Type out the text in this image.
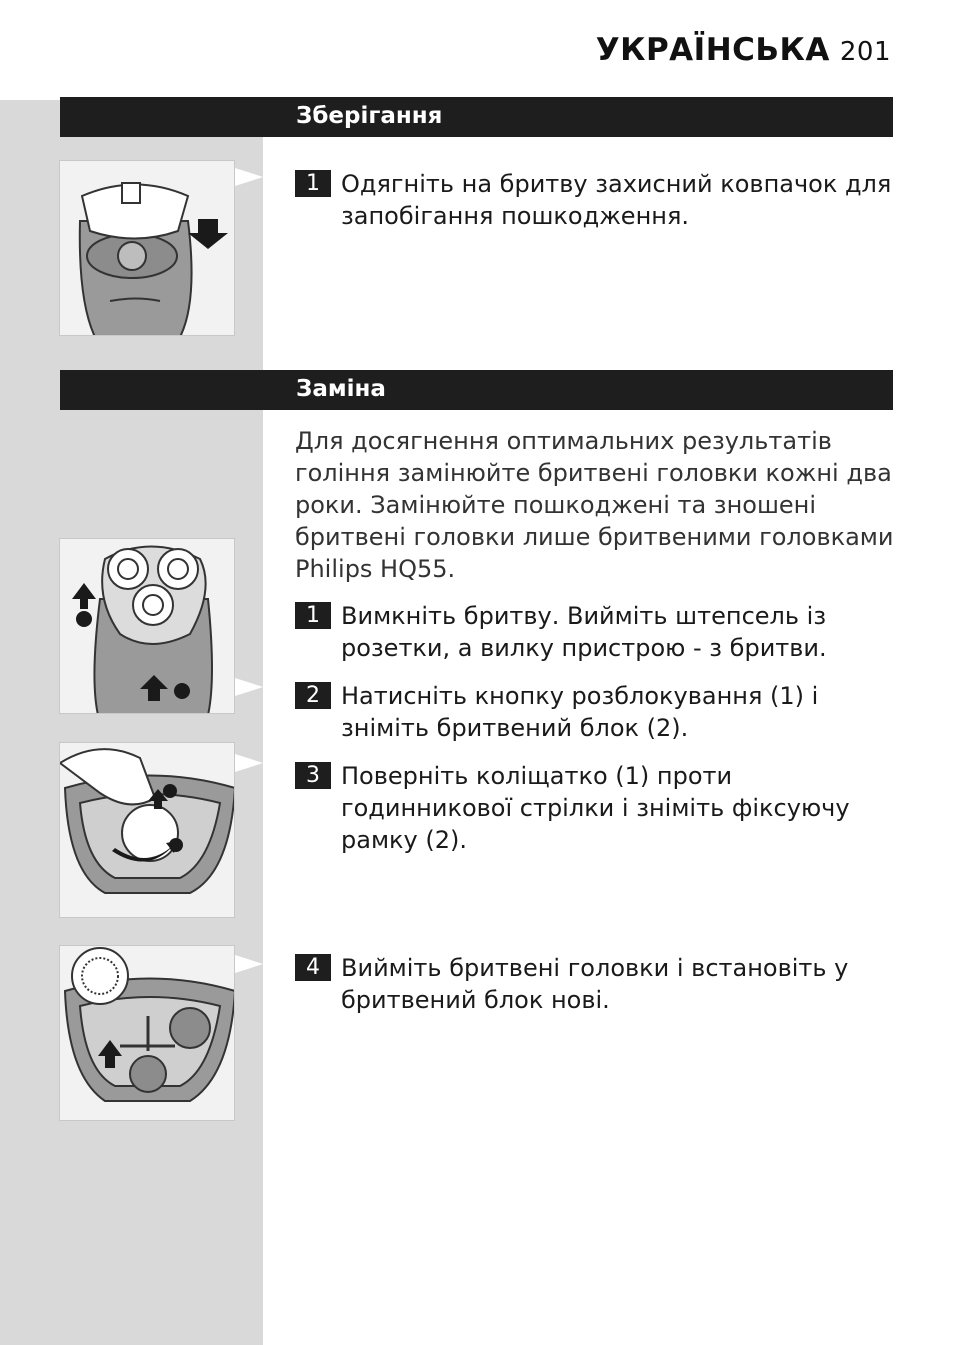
УКРАЇНСЬКА 201
Зберігання
1 Одягніть на бритву захисний ковпачок для запобігання пошкодження.
Заміна
Для досягнення оптимальних результатів гоління замінюйте бритвені головки кожні два роки. Замінюйте пошкоджені та зношені бритвені головки лише бритвеними головками Philips HQ55.
1 Вимкніть бритву. Вийміть штепсель із розетки, а вилку пристрою - з бритви.
2 Натисніть кнопку розблокування (1) і зніміть бритвений блок (2).
3 Поверніть коліщатко (1) проти годинникової стрілки і зніміть фіксуючу рамку (2).
4 Вийміть бритвені головки і встановіть у бритвений блок нові.
